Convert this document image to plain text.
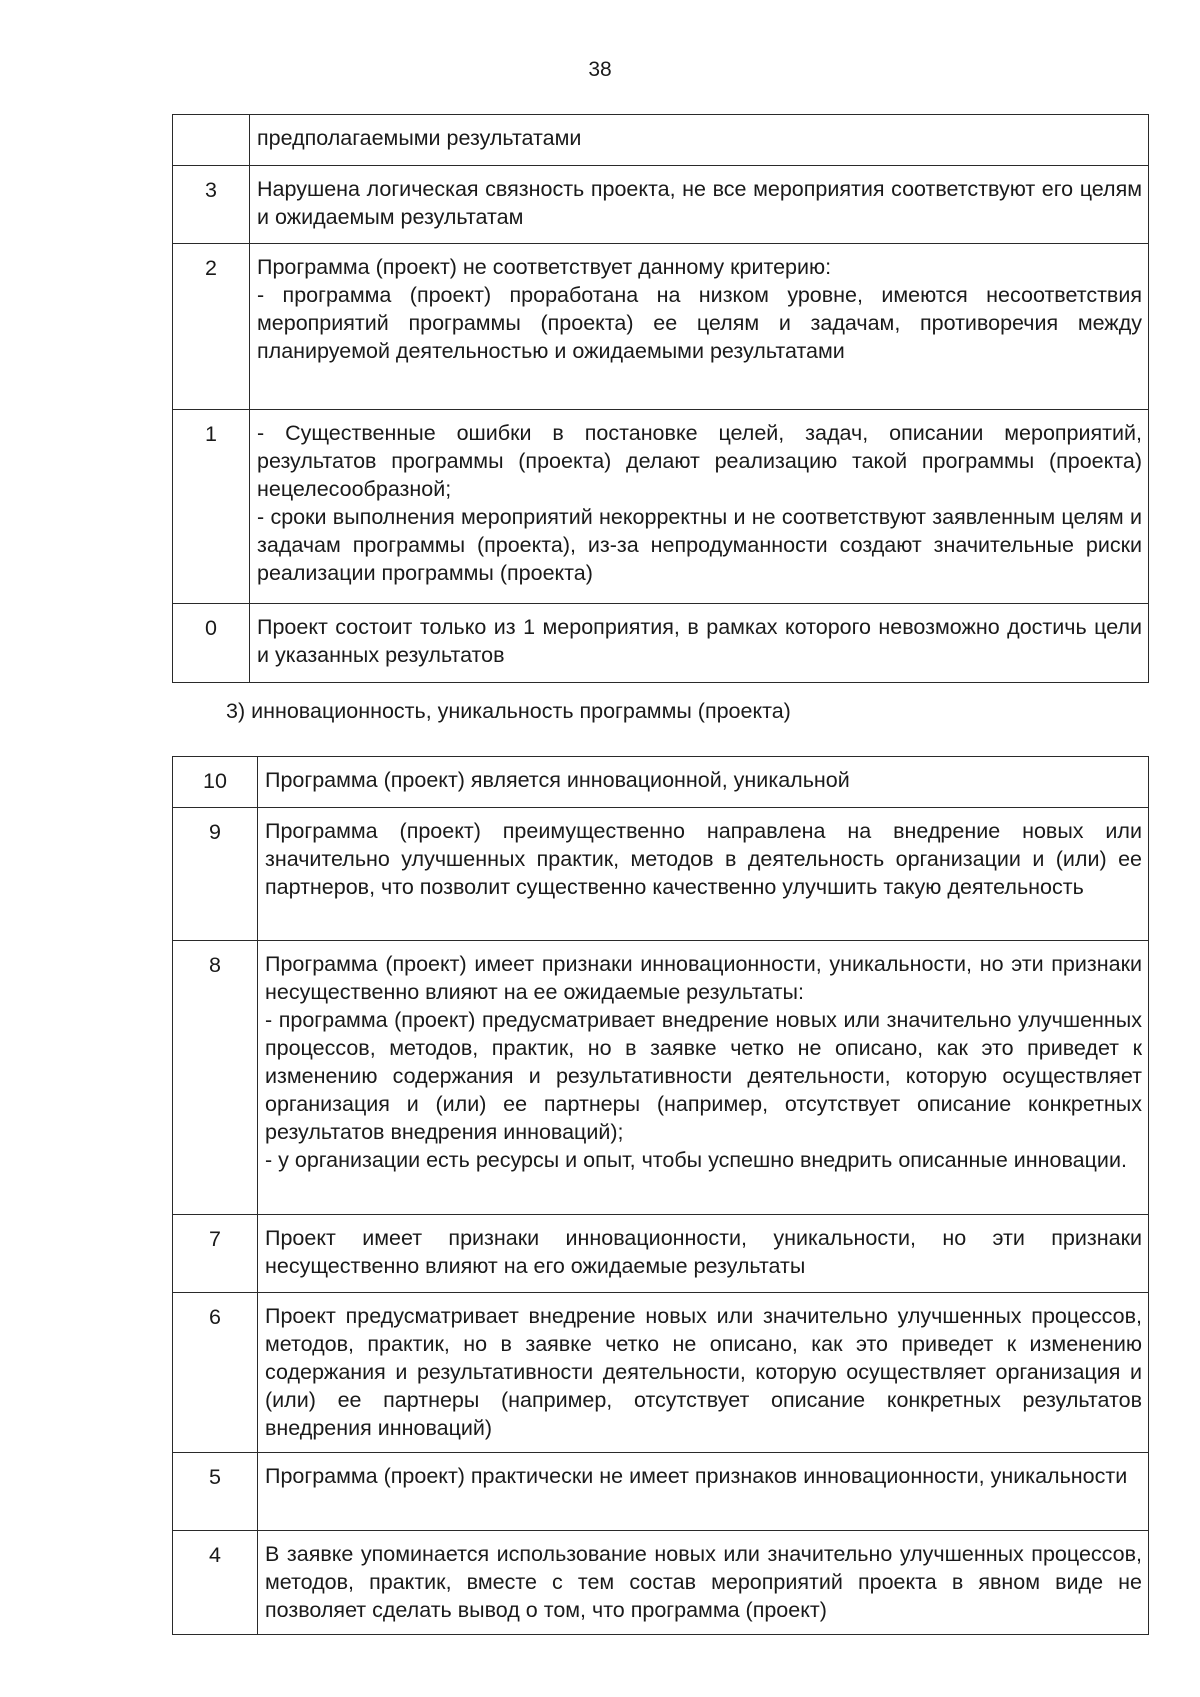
38

	предполагаемыми результатами

3	Нарушена логическая связность проекта, не все мероприятия соответствуют его целям и ожидаемым результатам

2	Программа (проект) не соответствует данному критерию:
- программа (проект) проработана на низком уровне, имеются несоответствия мероприятий программы (проекта) ее целям и задачам, противоречия между планируемой деятельностью и ожидаемыми результатами

1	- Существенные ошибки в постановке целей, задач, описании мероприятий, результатов программы (проекта) делают реализацию такой программы (проекта) нецелесообразной;
- сроки выполнения мероприятий некорректны и не соответствуют заявленным целям и задачам программы (проекта), из-за непродуманности создают значительные риски реализации программы (проекта)

0	Проект состоит только из 1 мероприятия, в рамках которого невозможно достичь цели и указанных результатов
3) инновационность, уникальность программы (проекта)
10	Программа (проект) является инновационной, уникальной

9	Программа (проект) преимущественно направлена на внедрение новых или значительно улучшенных практик, методов в деятельность организации и (или) ее партнеров, что позволит существенно качественно улучшить такую деятельность

8	Программа (проект) имеет признаки инновационности, уникальности, но эти признаки несущественно влияют на ее ожидаемые результаты:
- программа (проект) предусматривает внедрение новых или значительно улучшенных процессов, методов, практик, но в заявке четко не описано, как это приведет к изменению содержания и результативности деятельности, которую осуществляет организация и (или) ее партнеры (например, отсутствует описание конкретных результатов внедрения инноваций);
- у организации есть ресурсы и опыт, чтобы успешно внедрить описанные инновации.

7	Проект имеет признаки инновационности, уникальности, но эти признаки несущественно влияют на его ожидаемые результаты

6	Проект предусматривает внедрение новых или значительно улучшенных процессов, методов, практик, но в заявке четко не описано, как это приведет к изменению содержания и результативности деятельности, которую осуществляет организация и (или) ее партнеры (например, отсутствует описание конкретных результатов внедрения инноваций)

5	Программа (проект) практически не имеет признаков инновационности, уникальности

4	В заявке упоминается использование новых или значительно улучшенных процессов, методов, практик, вместе с тем состав мероприятий проекта в явном виде не позволяет сделать вывод о том, что программа (проект)
